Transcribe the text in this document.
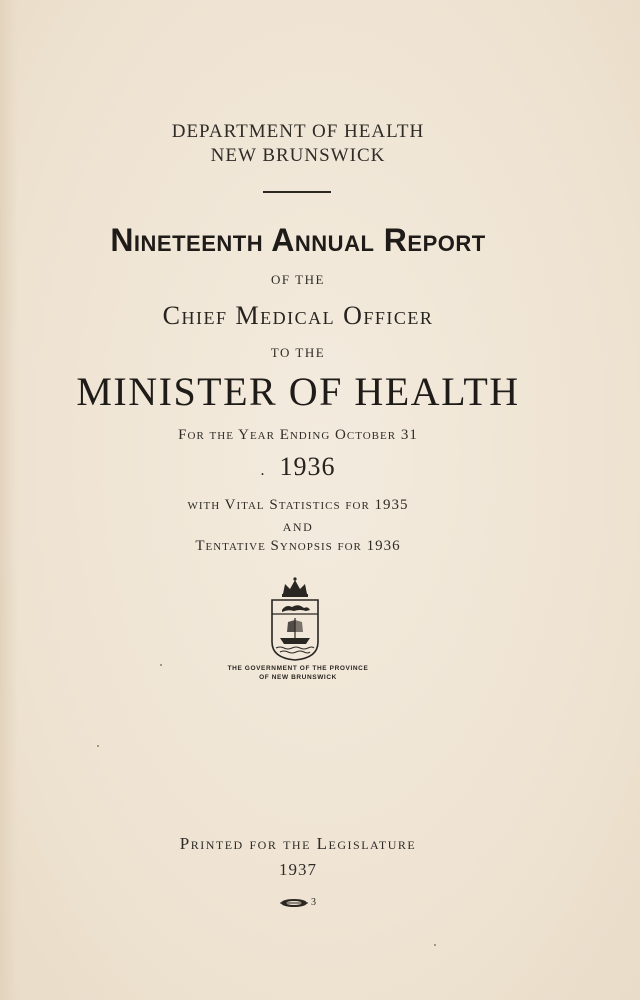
DEPARTMENT OF HEALTH
NEW BRUNSWICK
Nineteenth Annual Report
OF THE
Chief Medical Officer
TO THE
MINISTER OF HEALTH
For the Year Ending October 31
. 1936
with Vital Statistics for 1935
AND
Tentative Synopsis for 1936
THE GOVERNMENT OF THE PROVINCE
OF NEW BRUNSWICK
Printed for the Legislature
1937
3
